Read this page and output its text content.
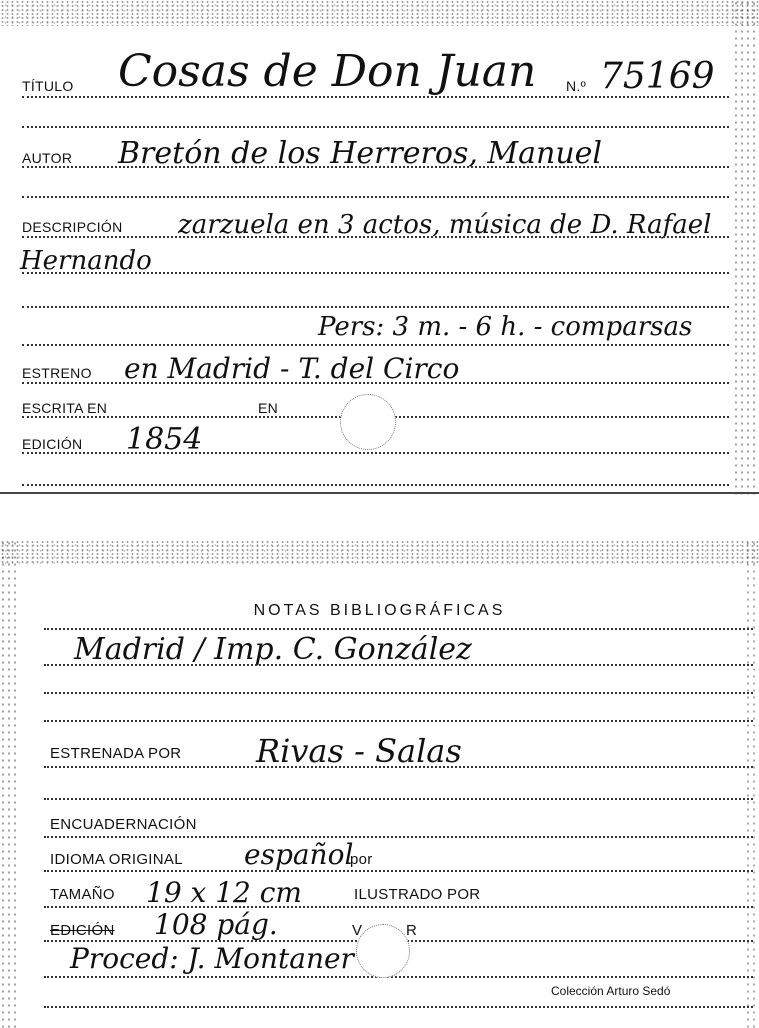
TÍTULO Cosas de Don Juan N.º 75169
AUTOR Bretón de los Herreros, Manuel
DESCRIPCIÓN zarzuela en 3 actos, música de D. Rafael
Hernando
Pers: 3 m. - 6 h. - comparsas
ESTRENO en Madrid - T. del Circo
ESCRITA EN	EN
EDICIÓN 1854
NOTAS BIBLIOGRÁFICAS
Madrid / Imp. C. González
ESTRENADA POR Rivas - Salas
ENCUADERNACIÓN
IDIOMA ORIGINAL español
por
TAMAÑO 19 x 12 cm	ILUSTRADO POR
EDICIÓN 108 pág.	V	R
Proced: J. Montaner
Colección Arturo Sedó
